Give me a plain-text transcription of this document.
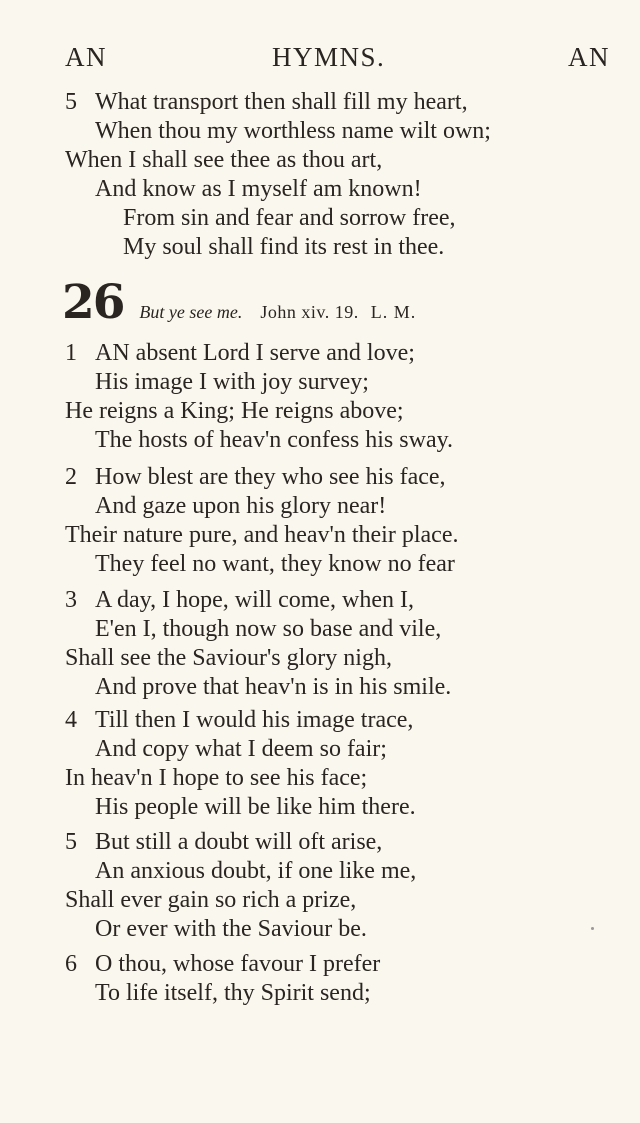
AN	HYMNS.	AN
5 What transport then shall fill my heart,
When thou my worthless name wilt own;
When I shall see thee as thou art,
And know as I myself am known!
From sin and fear and sorrow free,
My soul shall find its rest in thee.
26 But ye see me. John xiv. 19. L. M.
1 AN absent Lord I serve and love;
His image I with joy survey;
He reigns a King; He reigns above;
The hosts of heav'n confess his sway.
2 How blest are they who see his face,
And gaze upon his glory near!
Their nature pure, and heav'n their place.
They feel no want, they know no fear
3 A day, I hope, will come, when I,
E'en I, though now so base and vile,
Shall see the Saviour's glory nigh,
And prove that heav'n is in his smile.
4 Till then I would his image trace,
And copy what I deem so fair;
In heav'n I hope to see his face;
His people will be like him there.
5 But still a doubt will oft arise,
An anxious doubt, if one like me,
Shall ever gain so rich a prize,
Or ever with the Saviour be.
6 O thou, whose favour I prefer
To life itself, thy Spirit send;
